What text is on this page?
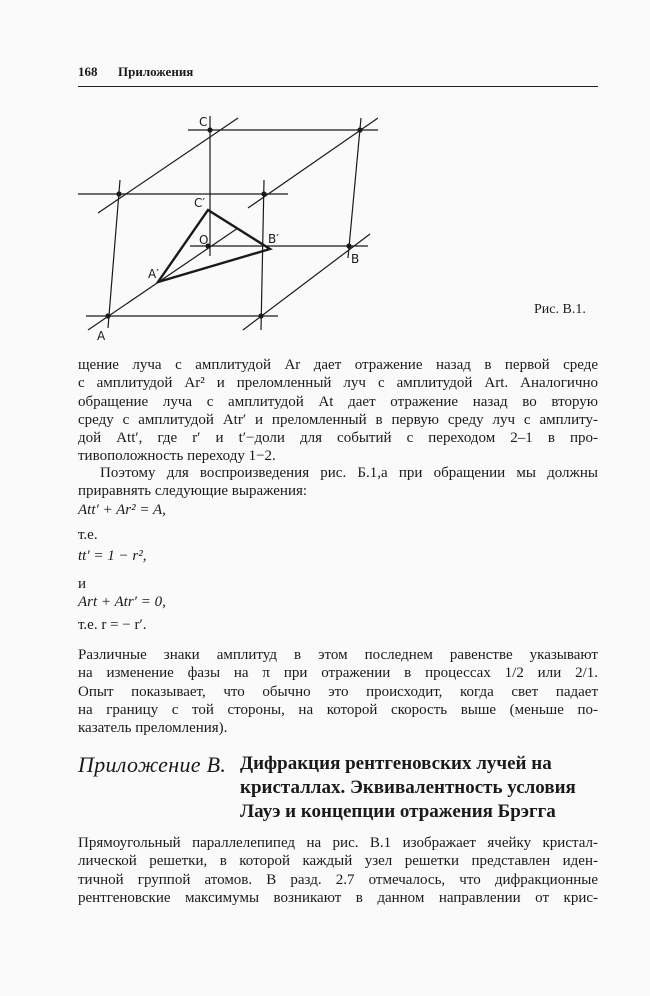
168 Приложения
C
C′
O	B′
A′
B
A
Рис. В.1.
щение луча с амплитудой Ar дает отражение назад в первой среде
с амплитудой Ar² и преломленный луч с амплитудой Art. Аналогично
обращение луча с амплитудой At дает отражение назад во вторую
среду с амплитудой Atr′ и преломленный в первую среду луч с амплиту-
дой Att′, где r′ и t′−доли для событий с переходом 2–1 в про-
тивоположность переходу 1−2.
Поэтому для воспроизведения рис. Б.1,a при обращении мы должны
приравнять следующие выражения:
Att′ + Ar² = A,
т.е.
tt′ = 1 − r²,
и
Art + Atr′ = 0,
т.е. r = − r′.
Различные знаки амплитуд в этом последнем равенстве указывают
на изменение фазы на π при отражении в процессах 1/2 или 2/1.
Опыт показывает, что обычно это происходит, когда свет падает
на границу с той стороны, на которой скорость выше (меньше по-
казатель преломления).
Приложение В. Дифракция рентгеновских лучей на
кристаллах. Эквивалентность условия
Лауэ и концепции отражения Брэгга
Прямоугольный параллелепипед на рис. В.1 изображает ячейку кристал-
лической решетки, в которой каждый узел решетки представлен иден-
тичной группой атомов. В разд. 2.7 отмечалось, что дифракционные
рентгеновские максимумы возникают в данном направлении от крис-
